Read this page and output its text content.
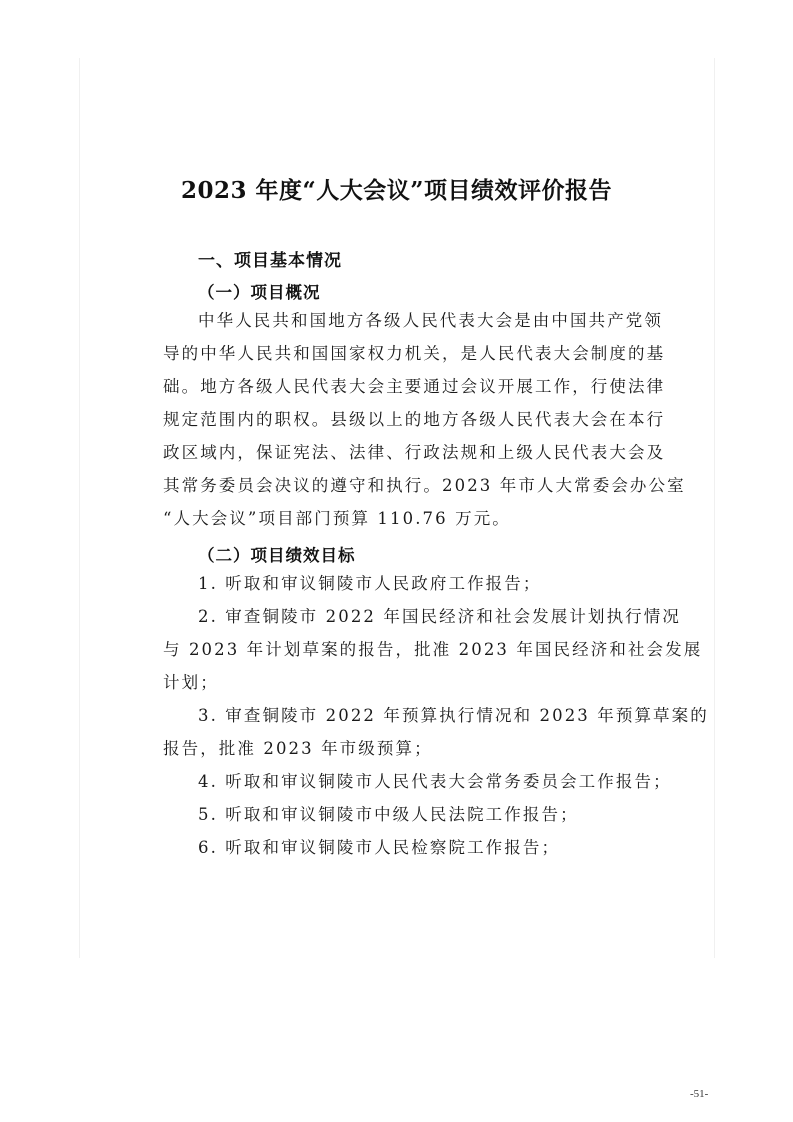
2023 年度“人大会议”项目绩效评价报告
一、项目基本情况
（一）项目概况
中华人民共和国地方各级人民代表大会是由中国共产党领
导的中华人民共和国国家权力机关，是人民代表大会制度的基
础。地方各级人民代表大会主要通过会议开展工作，行使法律
规定范围内的职权。县级以上的地方各级人民代表大会在本行
政区域内，保证宪法、法律、行政法规和上级人民代表大会及
其常务委员会决议的遵守和执行。2023 年市人大常委会办公室
“人大会议”项目部门预算 110.76 万元。
（二）项目绩效目标
1. 听取和审议铜陵市人民政府工作报告；
2. 审查铜陵市 2022 年国民经济和社会发展计划执行情况
与 2023 年计划草案的报告，批准 2023 年国民经济和社会发展
计划；
3. 审查铜陵市 2022 年预算执行情况和 2023 年预算草案的
报告，批准 2023 年市级预算；
4. 听取和审议铜陵市人民代表大会常务委员会工作报告；
5. 听取和审议铜陵市中级人民法院工作报告；
6. 听取和审议铜陵市人民检察院工作报告；
-51-
